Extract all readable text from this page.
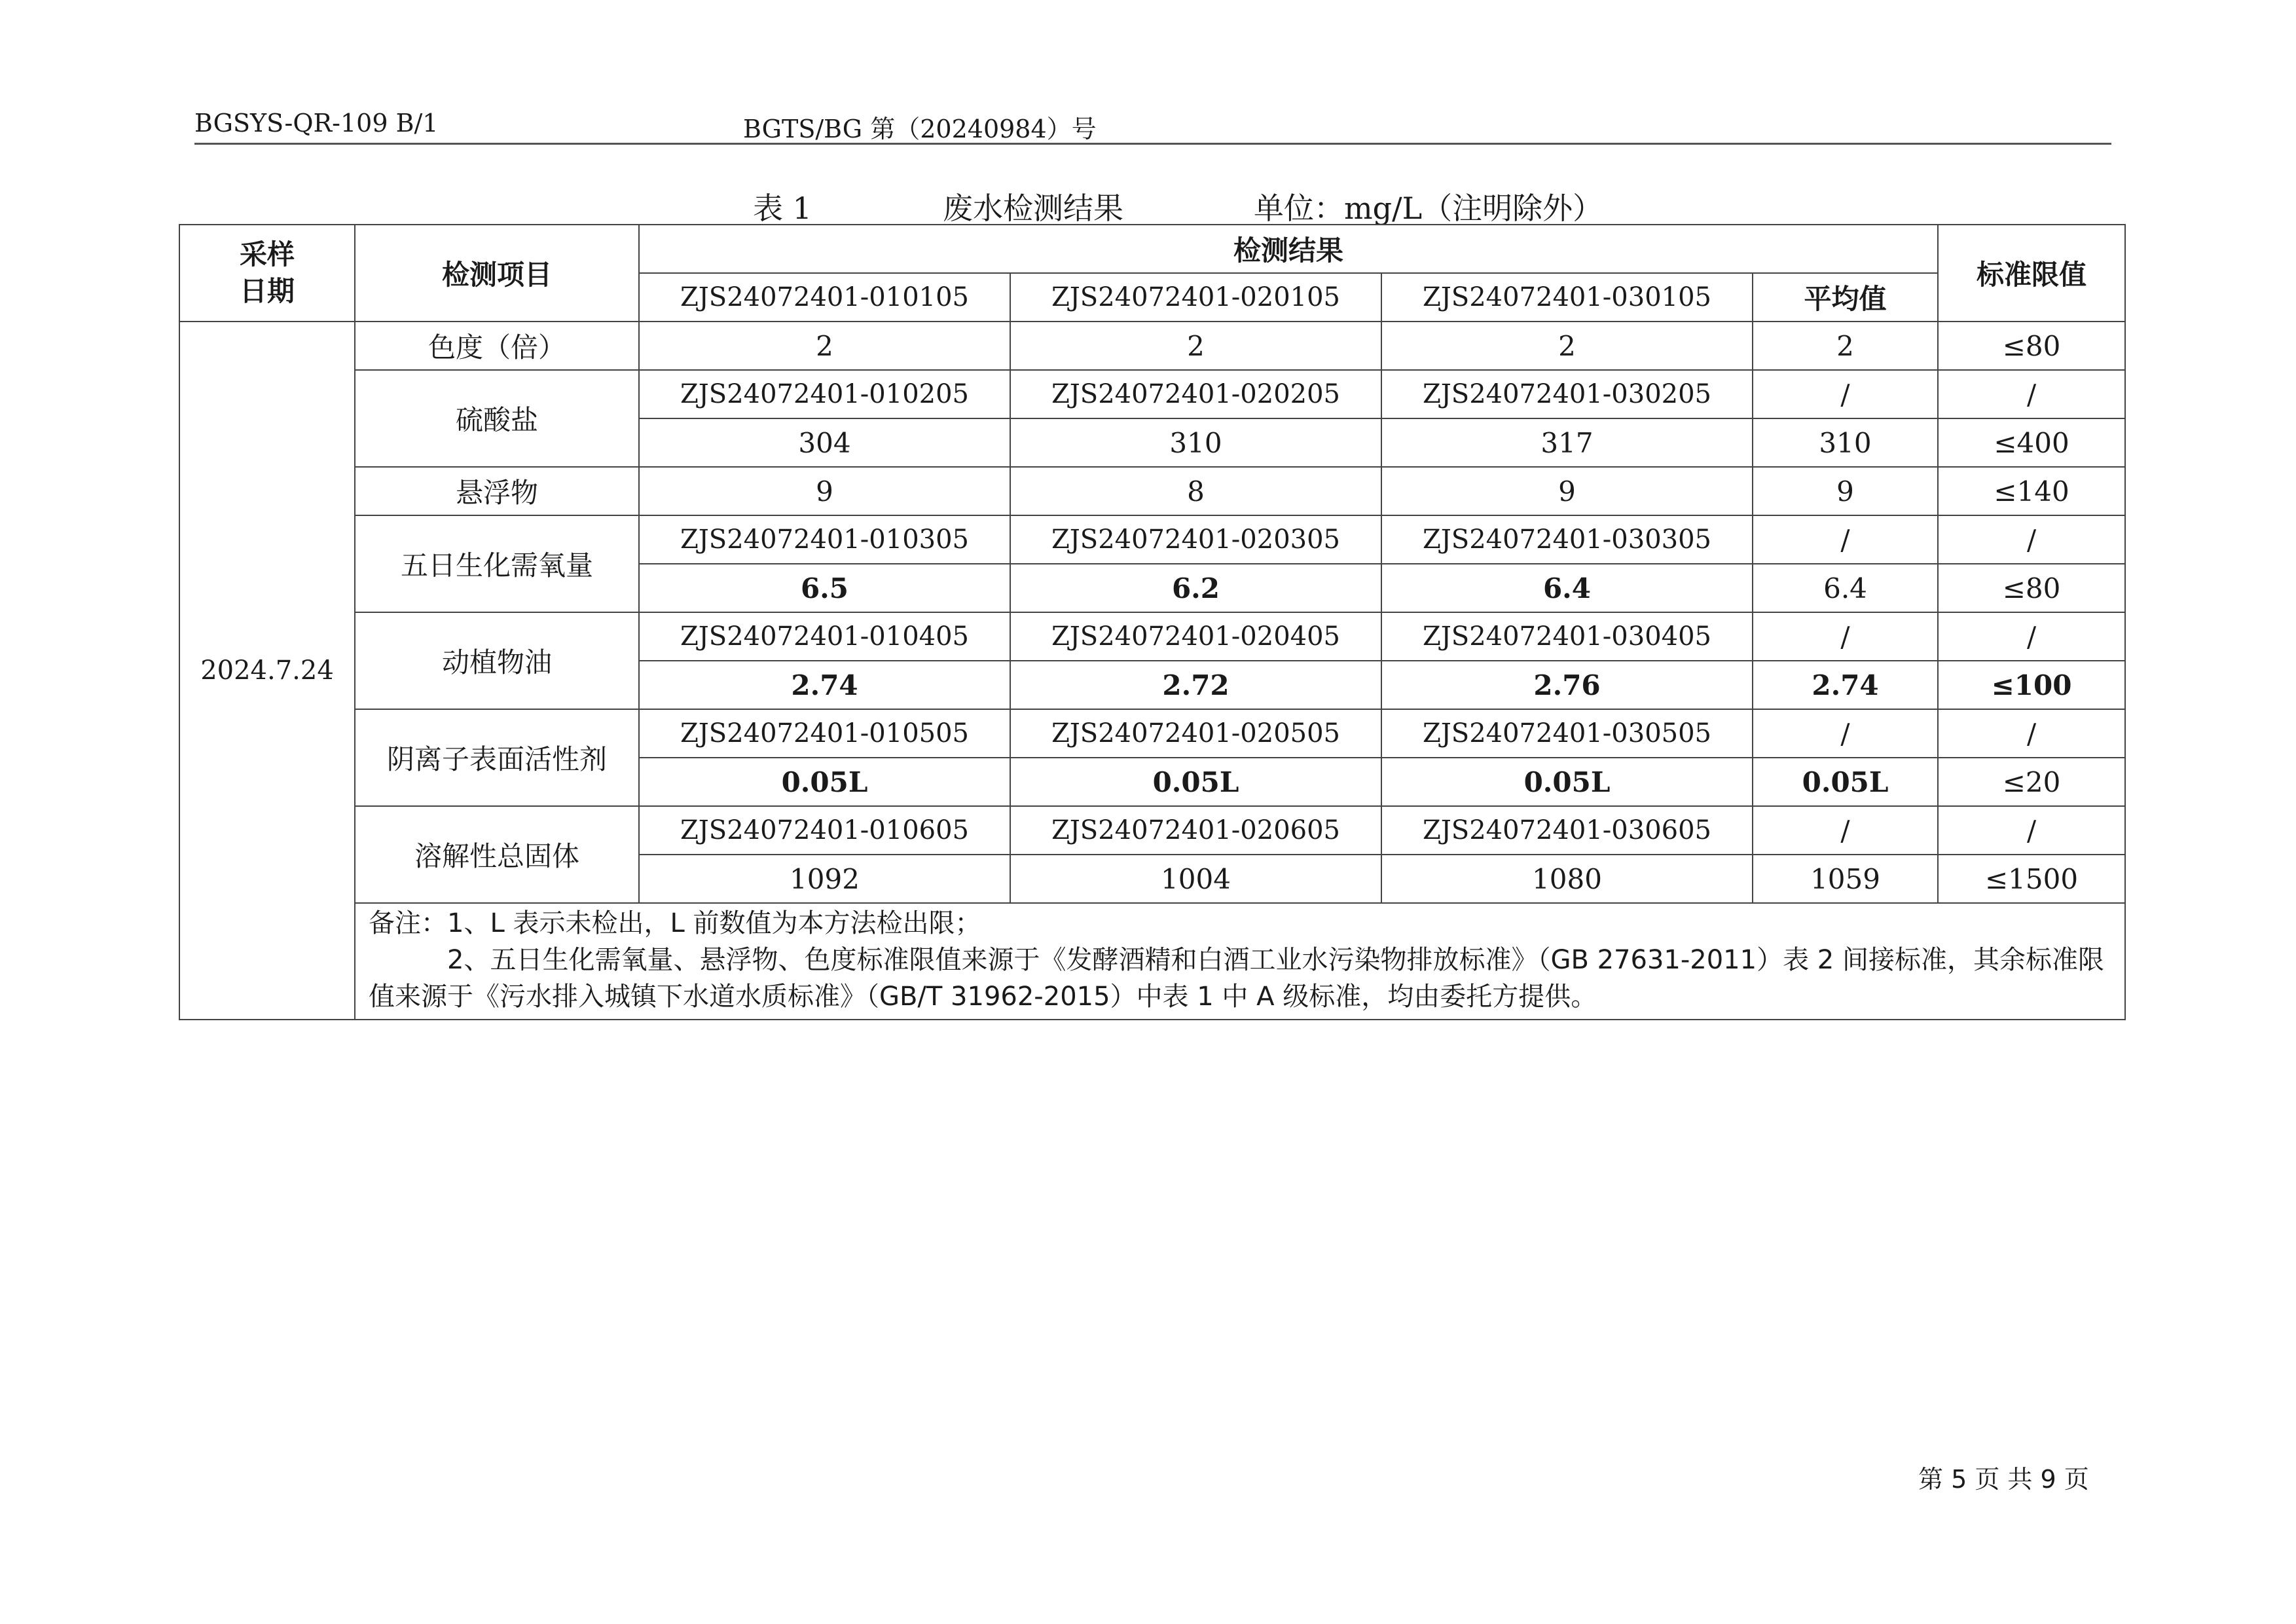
BGSYS-QR-109 B/1	BGTS/BG 第（20240984）号
表 1	废水检测结果	单位：mg/L（注明除外）
采样
日期	检测项目	检测结果				标准限值
		ZJS24072401-010105	ZJS24072401-020105	ZJS24072401-030105	平均值	
2024.7.24	色度（倍）	2	2	2	2	≤80
	硫酸盐	ZJS24072401-010205	ZJS24072401-020205	ZJS24072401-030205	/	/
		304	310	317	310	≤400
	悬浮物	9	8	9	9	≤140
	五日生化需氧量	ZJS24072401-010305	ZJS24072401-020305	ZJS24072401-030305	/	/
		6.5	6.2	6.4	6.4	≤80
	动植物油	ZJS24072401-010405	ZJS24072401-020405	ZJS24072401-030405	/	/
		2.74	2.72	2.76	2.74	≤100
	阴离子表面活性剂	ZJS24072401-010505	ZJS24072401-020505	ZJS24072401-030505	/	/
		0.05L	0.05L	0.05L	0.05L	≤20
	溶解性总固体	ZJS24072401-010605	ZJS24072401-020605	ZJS24072401-030605	/	/
		1092	1004	1080	1059	≤1500

	备注：1、L 表示未检出，L 前数值为本方法检出限；
2、五日生化需氧量、悬浮物、色度标准限值来源于《发酵酒精和白酒工业水污染物排放标准》（GB 27631-2011）表 2 间接标准，其余标准限值来源于《污水排入城镇下水道水质标准》（GB/T 31962-2015）中表 1 中 A 级标准，均由委托方提供。					
第 5 页 共 9 页
